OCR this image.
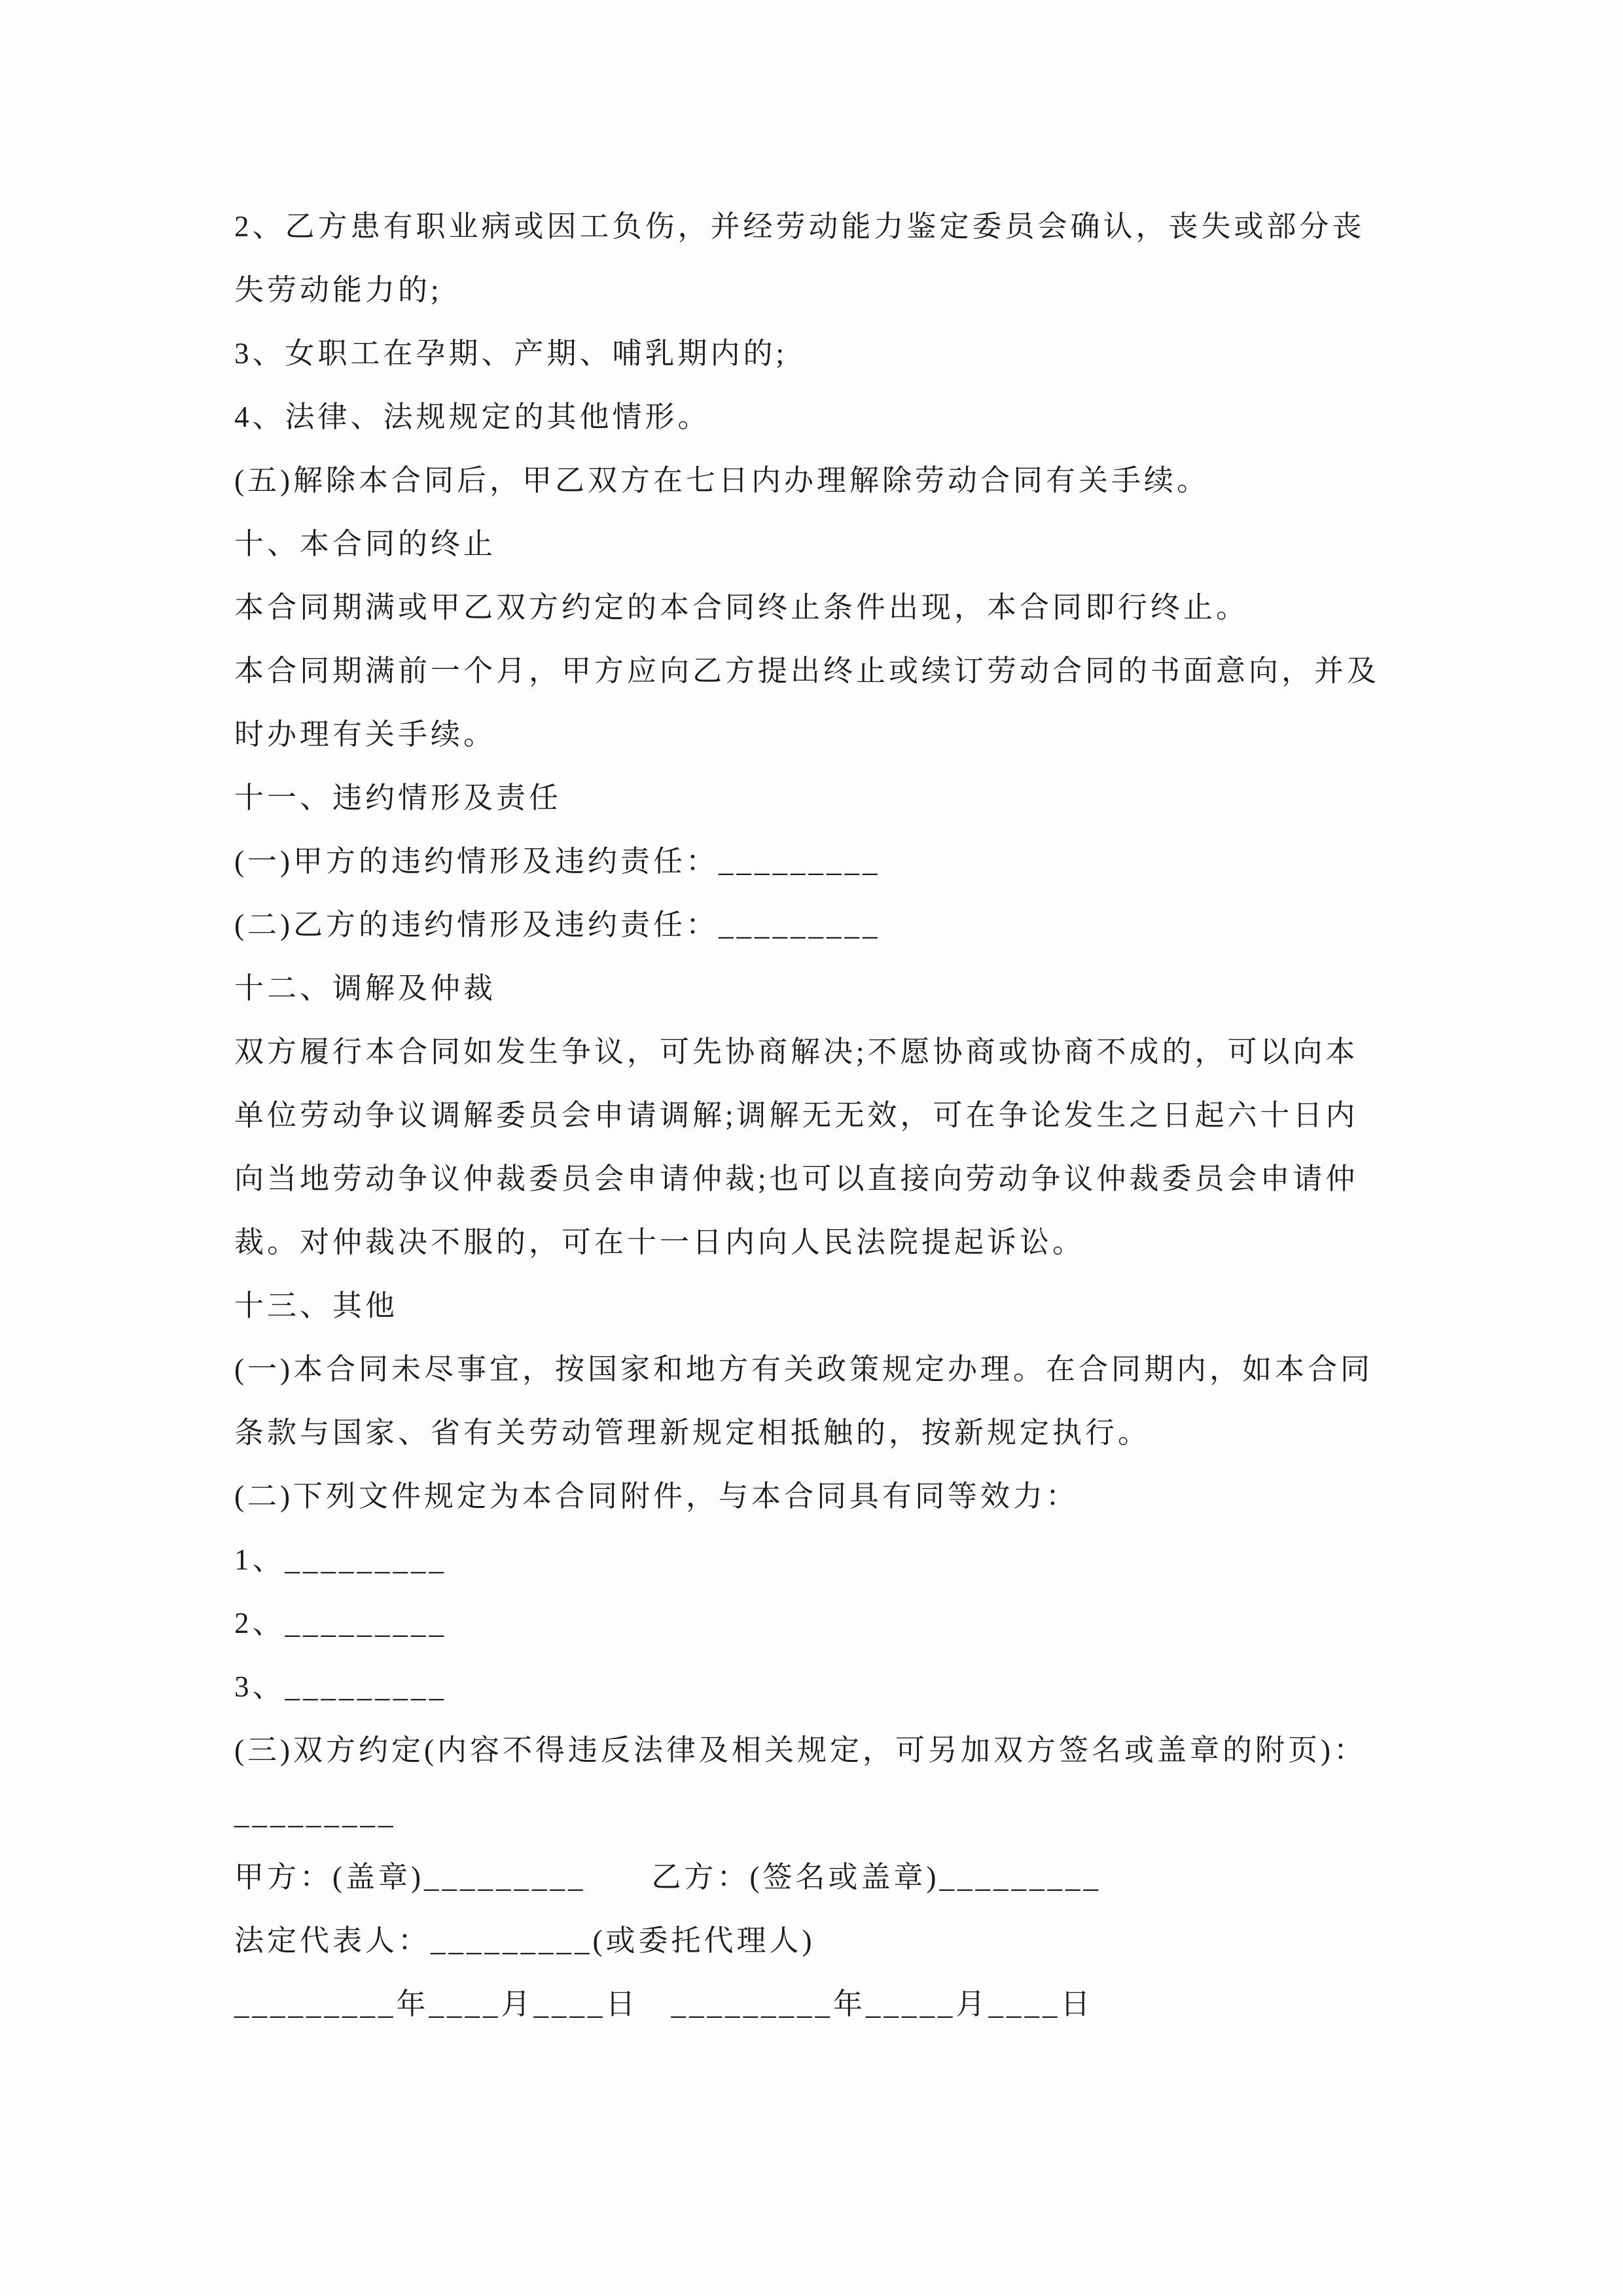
2、乙方患有职业病或因工负伤，并经劳动能力鉴定委员会确认，丧失或部分丧

失劳动能力的;

3、女职工在孕期、产期、哺乳期内的;

4、法律、法规规定的其他情形。

(五)解除本合同后，甲乙双方在七日内办理解除劳动合同有关手续。

十、本合同的终止

本合同期满或甲乙双方约定的本合同终止条件出现，本合同即行终止。

本合同期满前一个月，甲方应向乙方提出终止或续订劳动合同的书面意向，并及

时办理有关手续。

十一、违约情形及责任

(一)甲方的违约情形及违约责任：_________

(二)乙方的违约情形及违约责任：_________

十二、调解及仲裁

双方履行本合同如发生争议，可先协商解决;不愿协商或协商不成的，可以向本

单位劳动争议调解委员会申请调解;调解无无效，可在争论发生之日起六十日内

向当地劳动争议仲裁委员会申请仲裁;也可以直接向劳动争议仲裁委员会申请仲

裁。对仲裁决不服的，可在十一日内向人民法院提起诉讼。

十三、其他

(一)本合同未尽事宜，按国家和地方有关政策规定办理。在合同期内，如本合同

条款与国家、省有关劳动管理新规定相抵触的，按新规定执行。

(二)下列文件规定为本合同附件，与本合同具有同等效力：

1、_________

2、_________

3、_________

(三)双方约定(内容不得违反法律及相关规定，可另加双方签名或盖章的附页)：

_________

甲方：(盖章)_________　　乙方：(签名或盖章)_________

法定代表人：_________(或委托代理人)

_________年____月____日　_________年_____月____日
